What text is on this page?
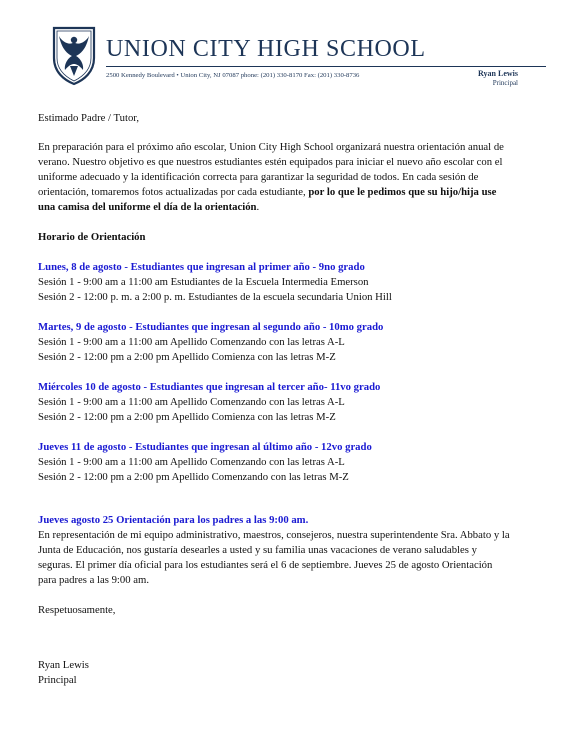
UNION CITY HIGH SCHOOL
2500 Kennedy Boulevard • Union City, NJ 07087 phone: (201) 330-8170 Fax: (201) 330-8736	Ryan Lewis
Principal

Estimado Padre / Tutor,

En preparación para el próximo año escolar, Union City High School organizará nuestra orientación anual de verano. Nuestro objetivo es que nuestros estudiantes estén equipados para iniciar el nuevo año escolar con el uniforme adecuado y la identificación correcta para garantizar la seguridad de todos. En cada sesión de orientación, tomaremos fotos actualizadas por cada estudiante, por lo que le pedimos que su hijo/hija use una camisa del uniforme el día de la orientación.

Horario de Orientación

Lunes, 8 de agosto - Estudiantes que ingresan al primer año - 9no grado

Sesión 1 - 9:00 am a 11:00 am Estudiantes de la Escuela Intermedia Emerson

Sesión 2 - 12:00 p. m. a 2:00 p. m. Estudiantes de la escuela secundaria Union Hill

Martes, 9 de agosto - Estudiantes que ingresan al segundo año - 10mo grado

Sesión 1 - 9:00 am a 11:00 am Apellido Comenzando con las letras A-L

Sesión 2 - 12:00 pm a 2:00 pm Apellido Comienza con las letras M-Z

Miércoles 10 de agosto - Estudiantes que ingresan al tercer año- 11vo grado

Sesión 1 - 9:00 am a 11:00 am Apellido Comenzando con las letras A-L

Sesión 2 - 12:00 pm a 2:00 pm Apellido Comienza con las letras M-Z

Jueves 11 de agosto - Estudiantes que ingresan al último año - 12vo grado

Sesión 1 - 9:00 am a 11:00 am Apellido Comenzando con las letras A-L

Sesión 2 - 12:00 pm a 2:00 pm Apellido Comenzando con las letras M-Z

Jueves agosto 25 Orientación para los padres a las 9:00 am.

En representación de mi equipo administrativo, maestros, consejeros, nuestra superintendente Sra. Abbato y la Junta de Educación, nos gustaría desearles a usted y su familia unas vacaciones de verano saludables y seguras. El primer día oficial para los estudiantes será el 6 de septiembre. Jueves 25 de agosto Orientación para padres a las 9:00 am.

Respetuosamente,

Ryan Lewis

Principal
